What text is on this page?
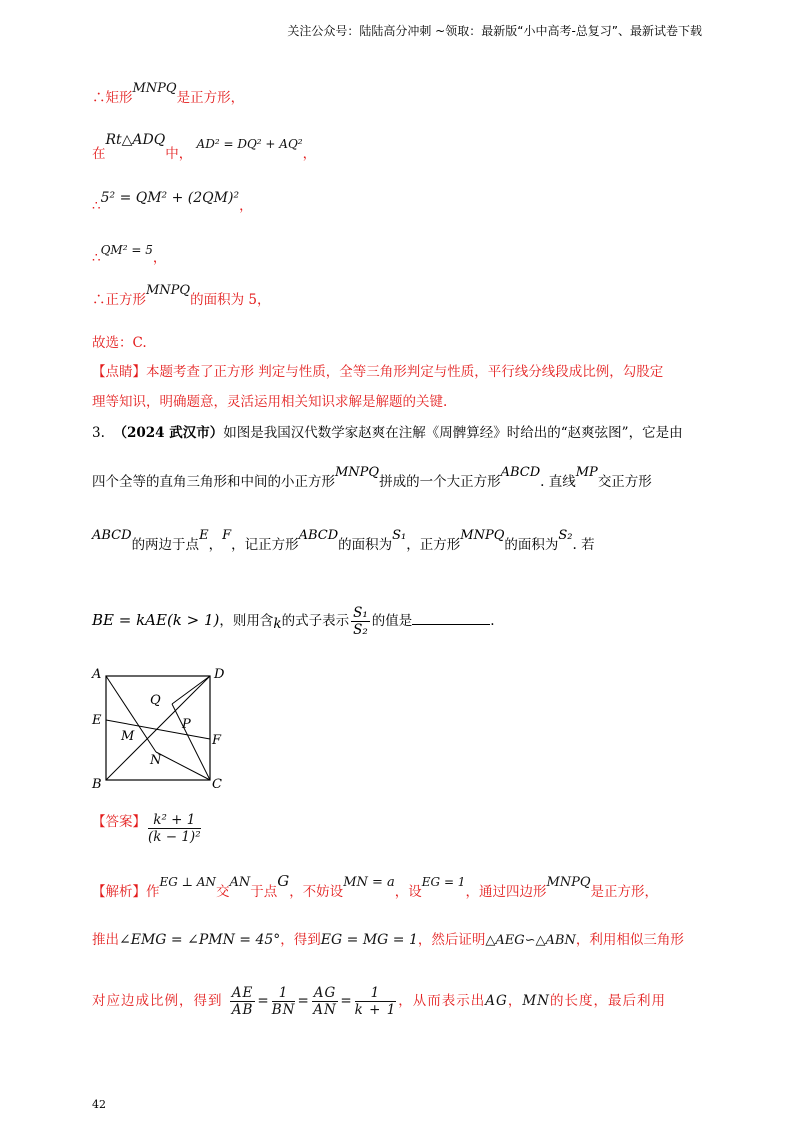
关注公众号：陆陆高分冲刺 ~领取：最新版“小中高考-总复习”、最新试卷下载
∴矩形MNPQ是正方形，
在Rt△ADQ中， AD² = DQ² + AQ²，
∴5² = QM² + (2QM)²，
∴QM² = 5，
∴正方形MNPQ的面积为 5，
故选：C.
【点睛】本题考查了正方形 判定与性质，全等三角形判定与性质，平行线分线段成比例，勾股定
理等知识，明确题意，灵活运用相关知识求解是解题的关键.
3. （2024 武汉市）如图是我国汉代数学家赵爽在注解《周髀算经》时给出的“赵爽弦图”，它是由
四个全等的直角三角形和中间的小正方形MNPQ拼成的一个大正方形ABCD. 直线MP交正方形
ABCD的两边于点E，F，记正方形ABCD的面积为S₁，正方形MNPQ的面积为S₂. 若
BE = kAE(k > 1)，则用含k的式子表示 $\frac{\text{S₁}}{\text{S₂}}$ 的值是	.
A	D
E
F
B	C
M
N
P
Q
【答案】 $\frac{\text{k² + 1}}{\text{(k − 1)²}}$
【解析】作EG ⊥ AN交AN于点G，不妨设MN = a，设EG = 1，通过四边形MNPQ是正方形，
推出∠EMG = ∠PMN = 45°，得到EG = MG = 1，然后证明△AEG∽△ABN，利用相似三角形
对应边成比例，得到 $\frac{AE}{AB} = \frac{1}{BN} = \frac{AG}{AN} = \frac{1}{k + 1}$ ，从而表示出AG，MN的长度，最后利用
42
